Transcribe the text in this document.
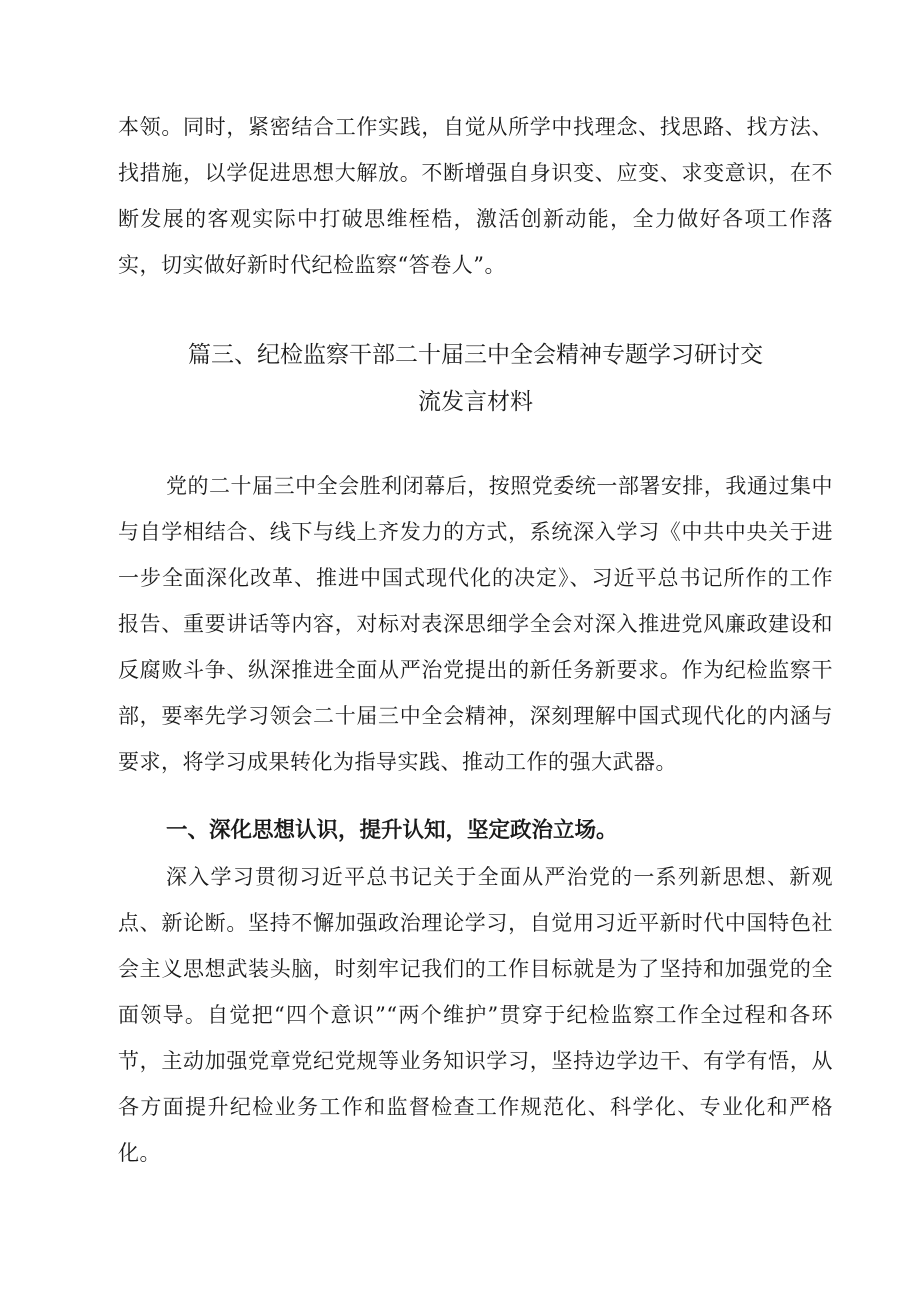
本领。同时，紧密结合工作实践，自觉从所学中找理念、找思路、找方法、找措施，以学促进思想大解放。不断增强自身识变、应变、求变意识，在不断发展的客观实际中打破思维桎梏，激活创新动能，全力做好各项工作落实，切实做好新时代纪检监察“答卷人”。

篇三、纪检监察干部二十届三中全会精神专题学习研讨交
流发言材料

党的二十届三中全会胜利闭幕后，按照党委统一部署安排，我通过集中与自学相结合、线下与线上齐发力的方式，系统深入学习《中共中央关于进一步全面深化改革、推进中国式现代化的决定》、习近平总书记所作的工作报告、重要讲话等内容，对标对表深思细学全会对深入推进党风廉政建设和反腐败斗争、纵深推进全面从严治党提出的新任务新要求。作为纪检监察干部，要率先学习领会二十届三中全会精神，深刻理解中国式现代化的内涵与要求，将学习成果转化为指导实践、推动工作的强大武器。

一、深化思想认识，提升认知，坚定政治立场。

深入学习贯彻习近平总书记关于全面从严治党的一系列新思想、新观点、新论断。坚持不懈加强政治理论学习，自觉用习近平新时代中国特色社会主义思想武装头脑，时刻牢记我们的工作目标就是为了坚持和加强党的全面领导。自觉把“四个意识”“两个维护”贯穿于纪检监察工作全过程和各环节，主动加强党章党纪党规等业务知识学习，坚持边学边干、有学有悟，从各方面提升纪检业务工作和监督检查工作规范化、科学化、专业化和严格化。
